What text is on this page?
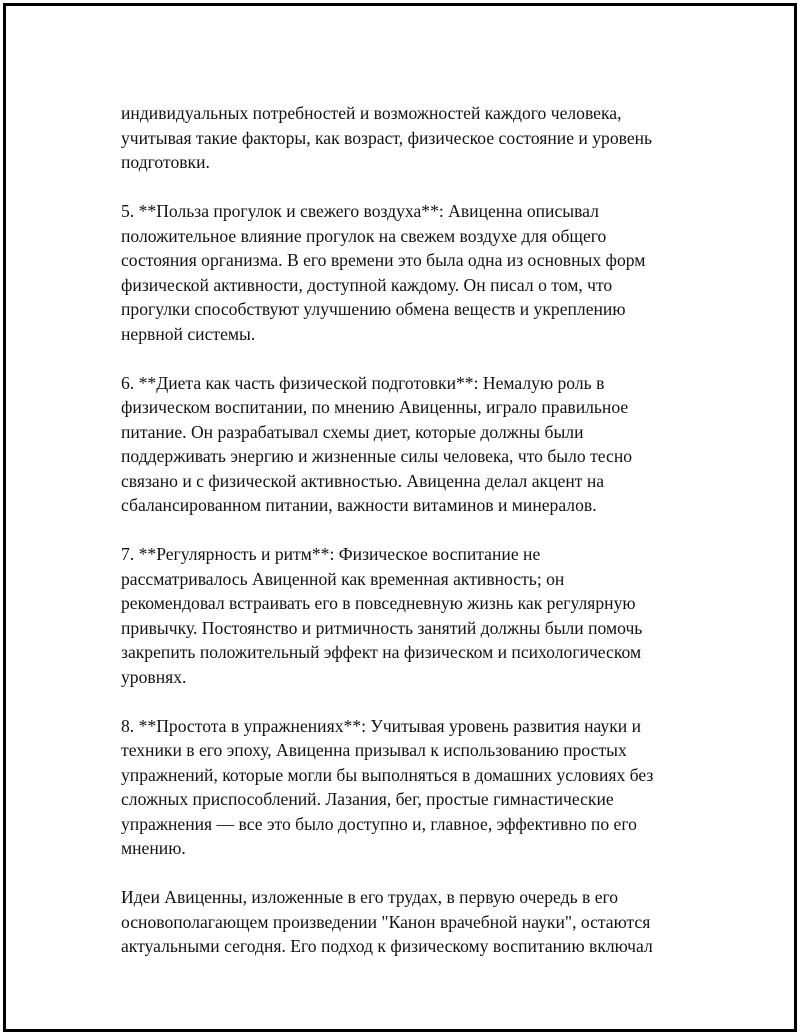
индивидуальных потребностей и возможностей каждого человека,
учитывая такие факторы, как возраст, физическое состояние и уровень
подготовки.

5. **Польза прогулок и свежего воздуха**: Авиценна описывал
положительное влияние прогулок на свежем воздухе для общего
состояния организма. В его времени это была одна из основных форм
физической активности, доступной каждому. Он писал о том, что
прогулки способствуют улучшению обмена веществ и укреплению
нервной системы.

6. **Диета как часть физической подготовки**: Немалую роль в
физическом воспитании, по мнению Авиценны, играло правильное
питание. Он разрабатывал схемы диет, которые должны были
поддерживать энергию и жизненные силы человека, что было тесно
связано и с физической активностью. Авиценна делал акцент на
сбалансированном питании, важности витаминов и минералов.

7. **Регулярность и ритм**: Физическое воспитание не
рассматривалось Авиценной как временная активность; он
рекомендовал встраивать его в повседневную жизнь как регулярную
привычку. Постоянство и ритмичность занятий должны были помочь
закрепить положительный эффект на физическом и психологическом
уровнях.

8. **Простота в упражнениях**: Учитывая уровень развития науки и
техники в его эпоху, Авиценна призывал к использованию простых
упражнений, которые могли бы выполняться в домашних условиях без
сложных приспособлений. Лазания, бег, простые гимнастические
упражнения — все это было доступно и, главное, эффективно по его
мнению.

Идеи Авиценны, изложенные в его трудах, в первую очередь в его
основополагающем произведении "Канон врачебной науки", остаются
актуальными сегодня. Его подход к физическому воспитанию включал
